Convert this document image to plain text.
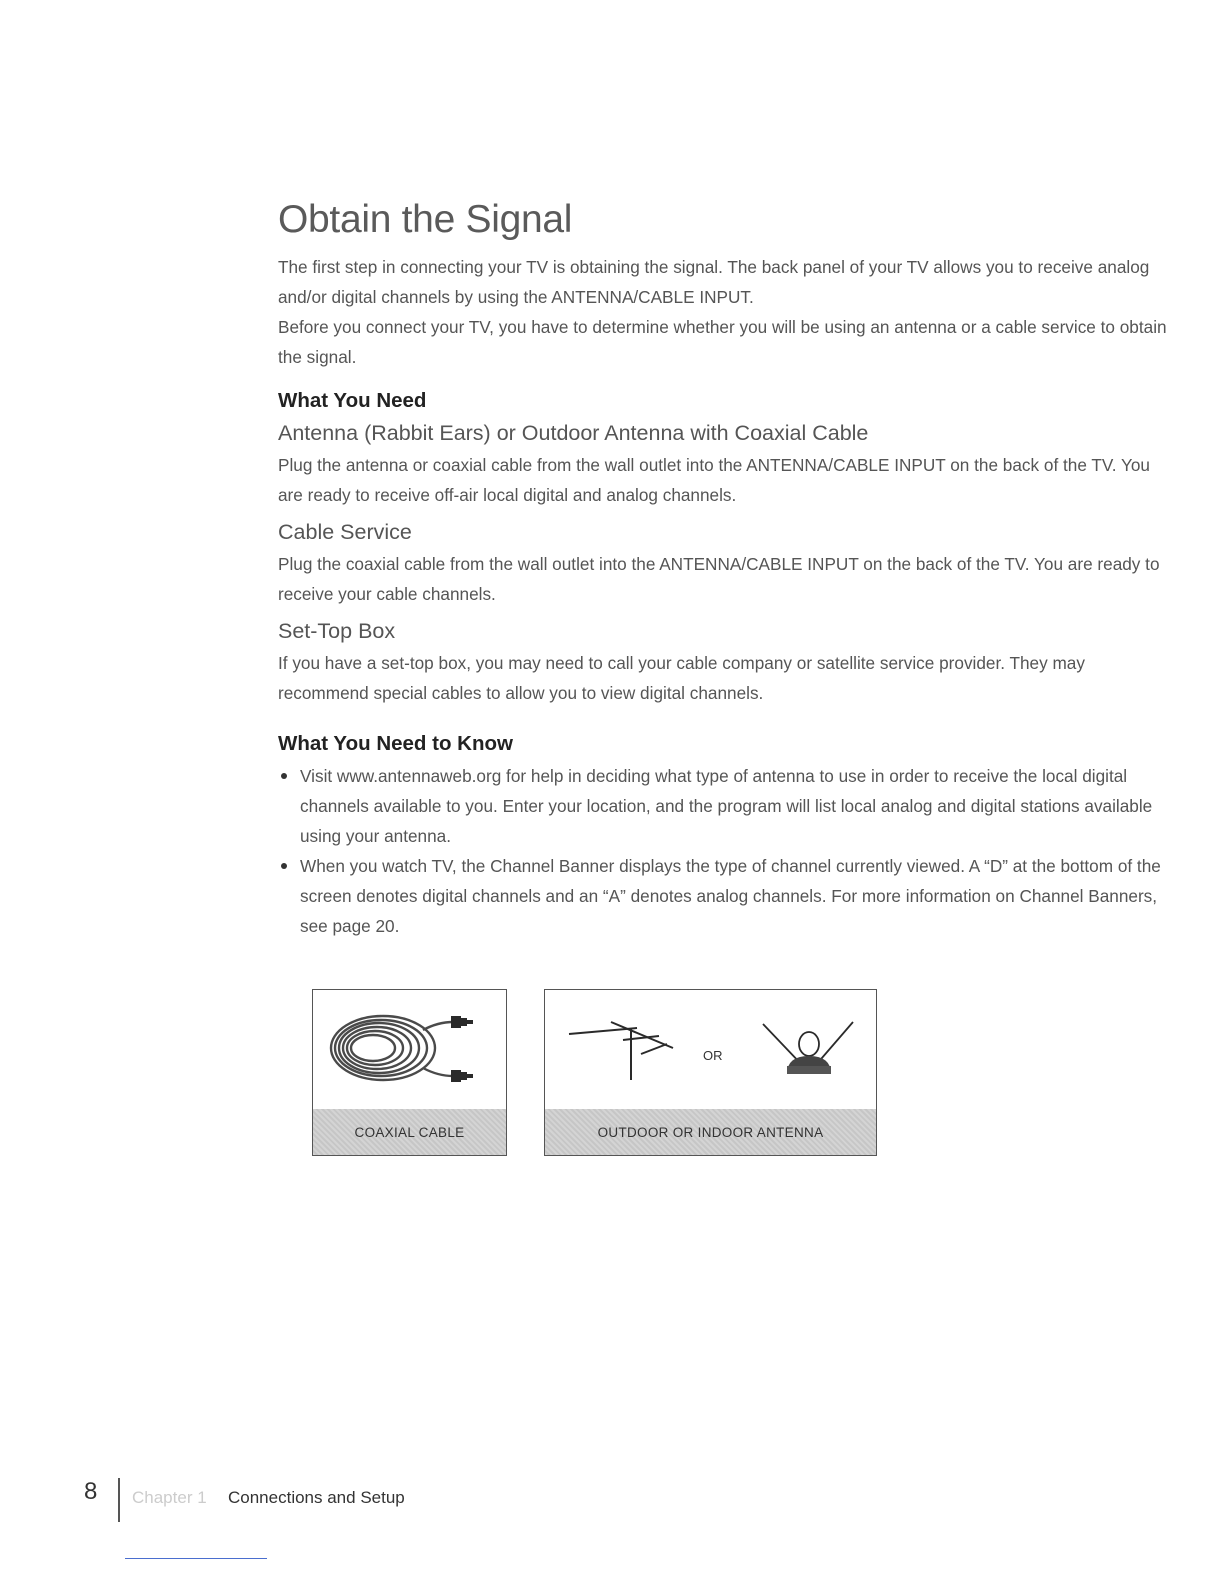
Obtain the Signal

The first step in connecting your TV is obtaining the signal. The back panel of your TV allows you to receive analog and/or digital channels by using the ANTENNA/CABLE INPUT.

Before you connect your TV, you have to determine whether you will be using an antenna or a cable service to obtain the signal.

What You Need
Antenna (Rabbit Ears) or Outdoor Antenna with Coaxial Cable

Plug the antenna or coaxial cable from the wall outlet into the ANTENNA/CABLE INPUT on the back of the TV. You are ready to receive off-air local digital and analog channels.

Cable Service

Plug the coaxial cable from the wall outlet into the ANTENNA/CABLE INPUT on the back of the TV. You are ready to receive your cable channels.

Set-Top Box

If you have a set-top box, you may need to call your cable company or satellite service provider. They may recommend special cables to allow you to view digital channels.

What You Need to Know
Visit www.antennaweb.org for help in deciding what type of antenna to use in order to receive the local digital channels available to you. Enter your location, and the program will list local analog and digital stations available using your antenna.
When you watch TV, the Channel Banner displays the type of channel currently viewed. A “D” at the bottom of the screen denotes digital channels and an “A” denotes analog channels. For more information on Channel Banners, see page 20.
COAXIAL CABLE
OR
OUTDOOR OR INDOOR ANTENNA
8 Chapter 1 Connections and Setup
